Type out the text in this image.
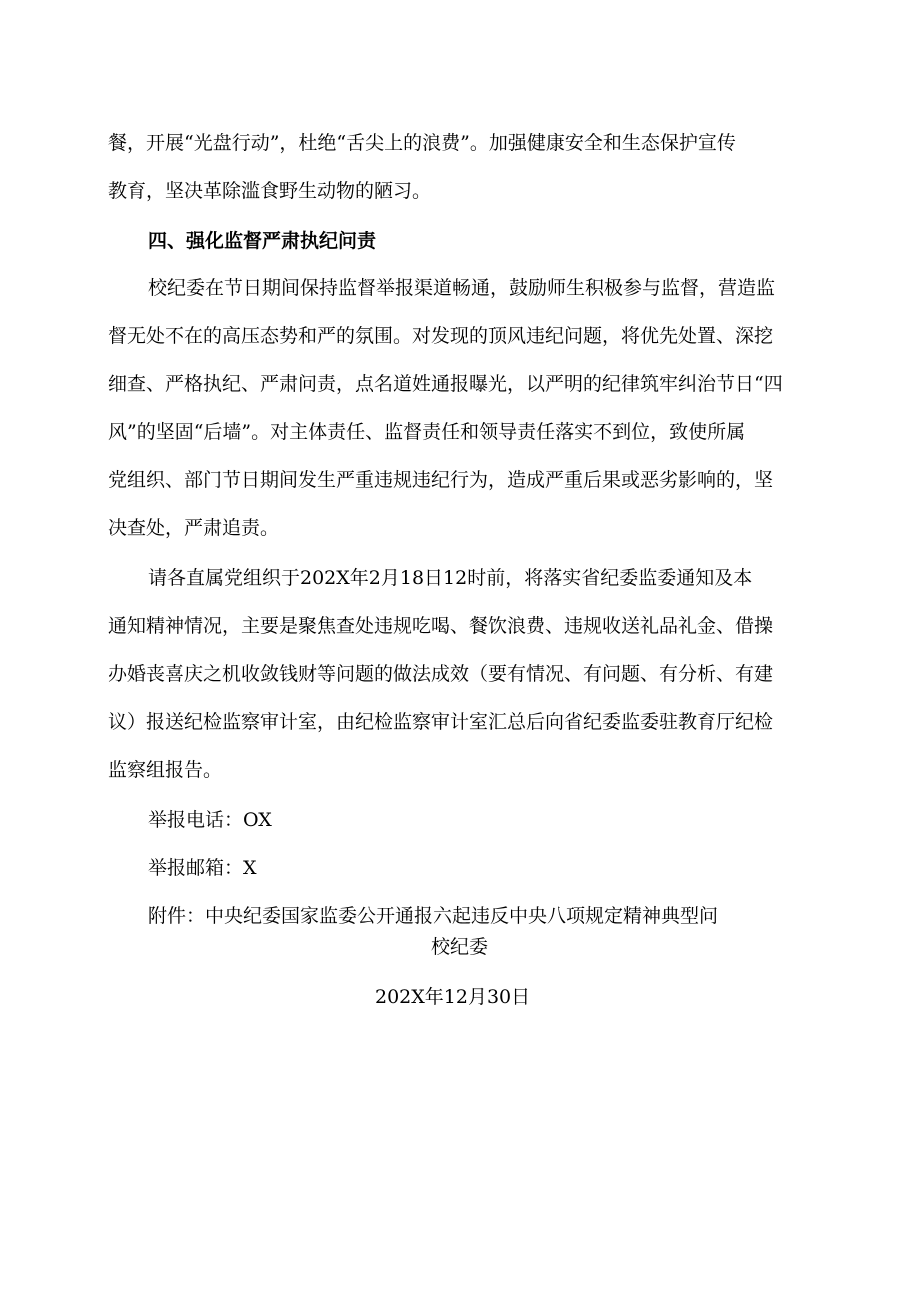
餐，开展“光盘行动”，杜绝“舌尖上的浪费”。加强健康安全和生态保护宣传
教育，坚决革除滥食野生动物的陋习。
四、强化监督严肃执纪问责
校纪委在节日期间保持监督举报渠道畅通，鼓励师生积极参与监督，营造监
督无处不在的高压态势和严的氛围。对发现的顶风违纪问题，将优先处置、深挖
细查、严格执纪、严肃问责，点名道姓通报曝光，以严明的纪律筑牢纠治节日“四
风”的坚固“后墙”。对主体责任、监督责任和领导责任落实不到位，致使所属
党组织、部门节日期间发生严重违规违纪行为，造成严重后果或恶劣影响的，坚
决查处，严肃追责。
请各直属党组织于202X年2月18日12时前，将落实省纪委监委通知及本
通知精神情况，主要是聚焦查处违规吃喝、餐饮浪费、违规收送礼品礼金、借操
办婚丧喜庆之机收敛钱财等问题的做法成效（要有情况、有问题、有分析、有建
议）报送纪检监察审计室，由纪检监察审计室汇总后向省纪委监委驻教育厅纪检
监察组报告。
举报电话：OX
举报邮箱：X
附件：中央纪委国家监委公开通报六起违反中央八项规定精神典型问
校纪委
202X年12月30日
